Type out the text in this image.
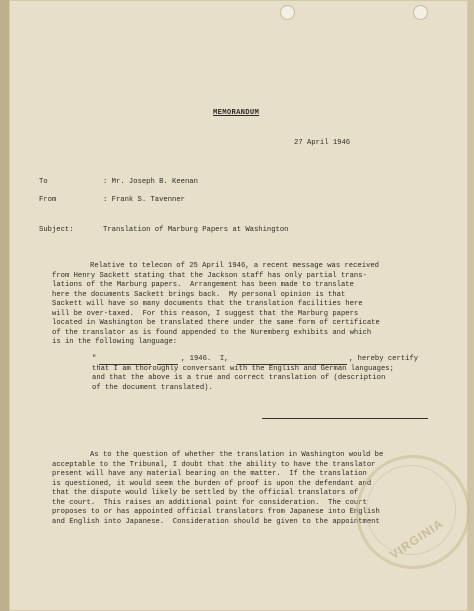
MEMORANDUM
27 April 1946
To	: Mr. Joseph B. Keenan
From	: Frank S. Tavenner
Subject:	Translation of Marburg Papers at Washington
Relative to telecon of 25 April 1946, a recent message was received
from Henry Sackett stating that the Jackson staff has only partial trans-
lations of the Marburg papers.  Arrangement has been made to translate
here the documents Sackett brings back.  My personal opinion is that
Sackett will have so many documents that the translation facilities here
will be over-taxed.  For this reason, I suggest that the Marburg papers
located in Washington be translated there under the same form of certificate
of the translator as is found appended to the Nuremberg exhibits and which
is in the following language:
"	, 1946.  I,	, hereby certify
that I am thoroughly conversant with the English and German languages;
and that the above is a true and correct translation of (description
of the document translated).
As to the question of whether the translation in Washington would be
acceptable to the Tribunal, I doubt that the ability to have the translator
present will have any material bearing on the matter.  If the translation
is questioned, it would seem the burden of proof is upon the defendant and
that the dispute would likely be settled by the official translators of
the court.  This raises an additional point for consideration.  The court
proposes to or has appointed official translators from Japanese into English
and English into Japanese.  Consideration should be given to the appointment VIRGINIA
